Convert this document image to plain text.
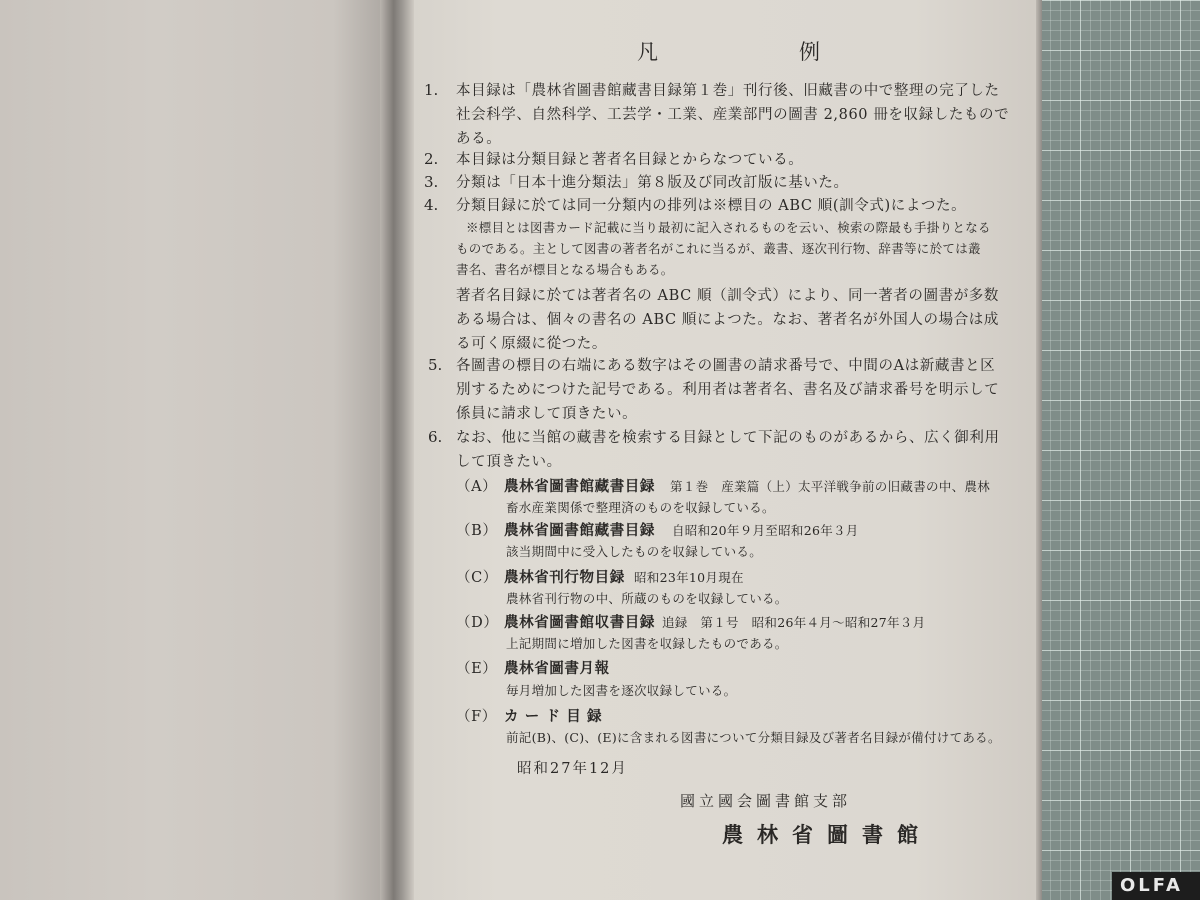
OLFA
凡　例
1. 本目録は「農林省圖書館藏書目録第１巻」刊行後、旧藏書の中で整理の完了した
社会科学、自然科学、工芸学・工業、産業部門の圖書 2,860 冊を収録したもので
ある。
2. 本目録は分類目録と著者名目録とからなつている。
3. 分類は「日本十進分類法」第８版及び同改訂版に基いた。
4. 分類目録に於ては同一分類内の排列は※標目の ABC 順(訓令式)によつた。
※標目とは図書カード記載に当り最初に記入されるものを云い、検索の際最も手掛りとなる
ものである。主として図書の著者名がこれに当るが、叢書、逐次刊行物、辞書等に於ては叢
書名、書名が標目となる場合もある。
著者名目録に於ては著者名の ABC 順（訓令式）により、同一著者の圖書が多数
ある場合は、個々の書名の ABC 順によつた。なお、著者名が外国人の場合は成
る可く原綴に從つた。
5. 各圖書の標目の右端にある数字はその圖書の請求番号で、中間のAは新藏書と区
別するためにつけた記号である。利用者は著者名、書名及び請求番号を明示して
係員に請求して頂きたい。
6. なお、他に当館の藏書を検索する目録として下記のものがあるから、広く御利用
して頂きたい。
（A） 農林省圖書館藏書目録 第１巻　産業篇（上）太平洋戦争前の旧藏書の中、農林
畜水産業関係で整理済のものを収録している。
（B） 農林省圖書館藏書目録 自昭和20年９月至昭和26年３月
該当期間中に受入したものを収録している。
（C） 農林省刊行物目録 昭和23年10月現在
農林省刊行物の中、所蔵のものを収録している。
（D） 農林省圖書館収書目録 追録　第１号　昭和26年４月～昭和27年３月
上記期間に増加した図書を収録したものである。
（E） 農林省圖書月報
毎月増加した図書を逐次収録している。
（F） カ ー ド 目 録
前記(B)、(C)、(E)に含まれる図書について分類目録及び著者名目録が備付けてある。
昭和27年12月
國立國会圖書館支部
農林省圖書館
